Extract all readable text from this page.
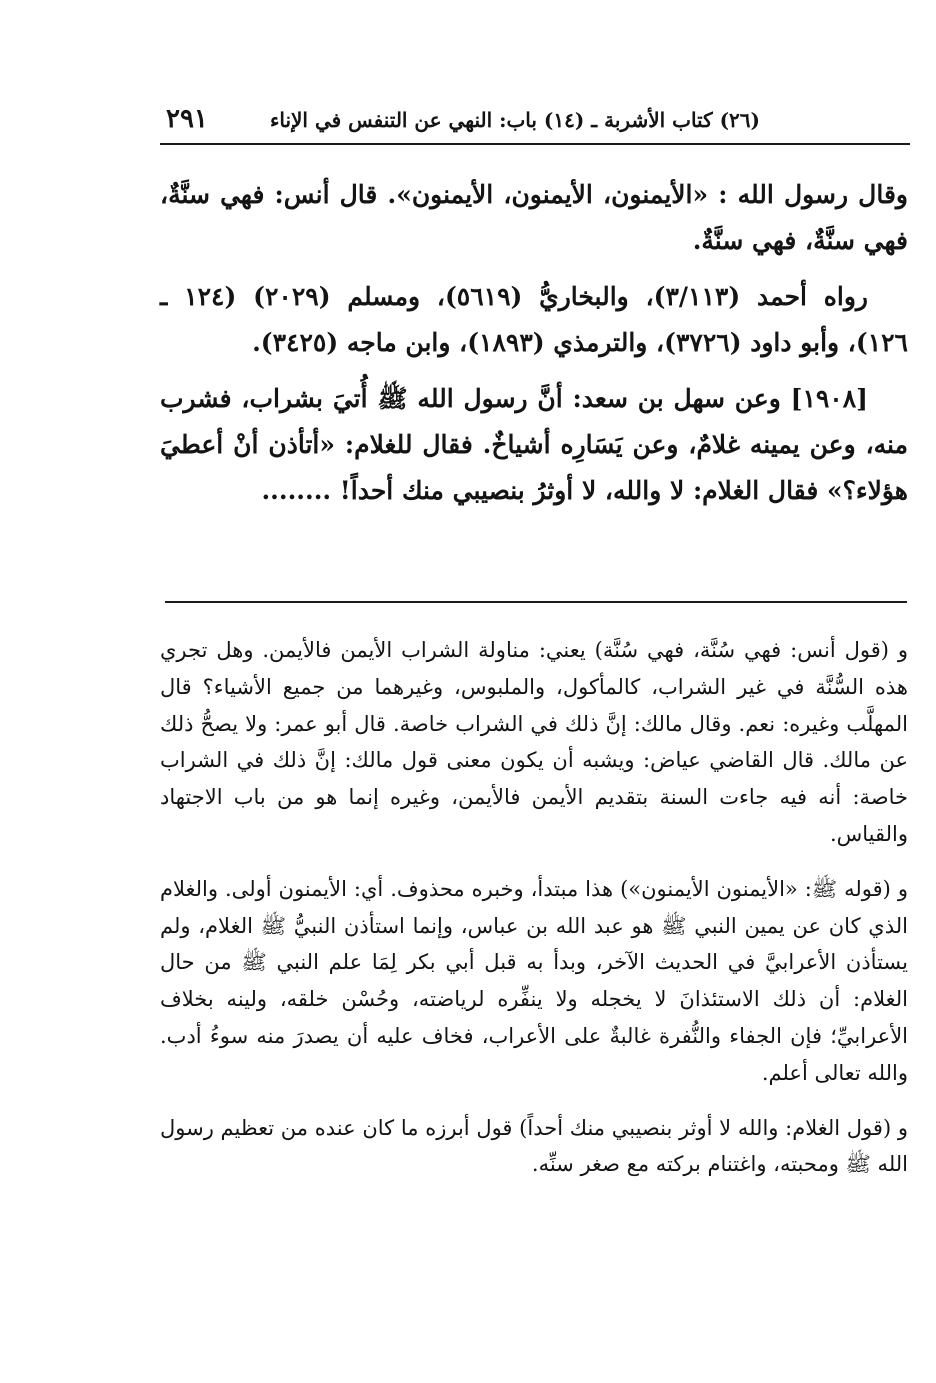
(٢٦) كتاب الأشربة ـ (١٤) باب: النهي عن التنفس في الإناء
٢٩١

وقال رسول الله : «الأيمنون، الأيمنون، الأيمنون». قال أنس: فهي سنَّةٌ، فهي سنَّةٌ، فهي سنَّةٌ.

رواه أحمد (٣/١١٣)، والبخاريُّ (٥٦١٩)، ومسلم (٢٠٢٩) (١٢٤ ـ ١٢٦)، وأبو داود (٣٧٢٦)، والترمذي (١٨٩٣)، وابن ماجه (٣٤٢٥).

[١٩٠٨] وعن سهل بن سعد: أنَّ رسول الله ﷺ أُتيَ بشراب، فشرب منه، وعن يمينه غلامٌ، وعن يَسَارِه أشياخٌ. فقال للغلام: «أتأذن أنْ أعطيَ هؤلاء؟» فقال الغلام: لا والله، لا أوثرُ بنصيبي منك أحداً! ........

و (قول أنس: فهي سُنَّة، فهي سُنَّة) يعني: مناولة الشراب الأيمن فالأيمن. وهل تجري هذه السُّنَّة في غير الشراب، كالمأكول، والملبوس، وغيرهما من جميع الأشياء؟ قال المهلَّب وغيره: نعم. وقال مالك: إنَّ ذلك في الشراب خاصة. قال أبو عمر: ولا يصحُّ ذلك عن مالك. قال القاضي عياض: ويشبه أن يكون معنى قول مالك: إنَّ ذلك في الشراب خاصة: أنه فيه جاءت السنة بتقديم الأيمن فالأيمن، وغيره إنما هو من باب الاجتهاد والقياس.

و (قوله ﷺ: «الأيمنون الأيمنون») هذا مبتدأ، وخبره محذوف. أي: الأيمنون أولى. والغلام الذي كان عن يمين النبي ﷺ هو عبد الله بن عباس، وإنما استأذن النبيُّ ﷺ الغلام، ولم يستأذن الأعرابيَّ في الحديث الآخر، وبدأ به قبل أبي بكر لِمَا علم النبي ﷺ من حال الغلام: أن ذلك الاستئذانَ لا يخجله ولا ينفِّره لرياضته، وحُسْن خلقه، ولينه بخلاف الأعرابيِّ؛ فإن الجفاء والنُّفرة غالبةٌ على الأعراب، فخاف عليه أن يصدرَ منه سوءُ أدب. والله تعالى أعلم.

و (قول الغلام: والله لا أوثر بنصيبي منك أحداً) قول أبرزه ما كان عنده من تعظيم رسول الله ﷺ ومحبته، واغتنام بركته مع صغر سنِّه.
